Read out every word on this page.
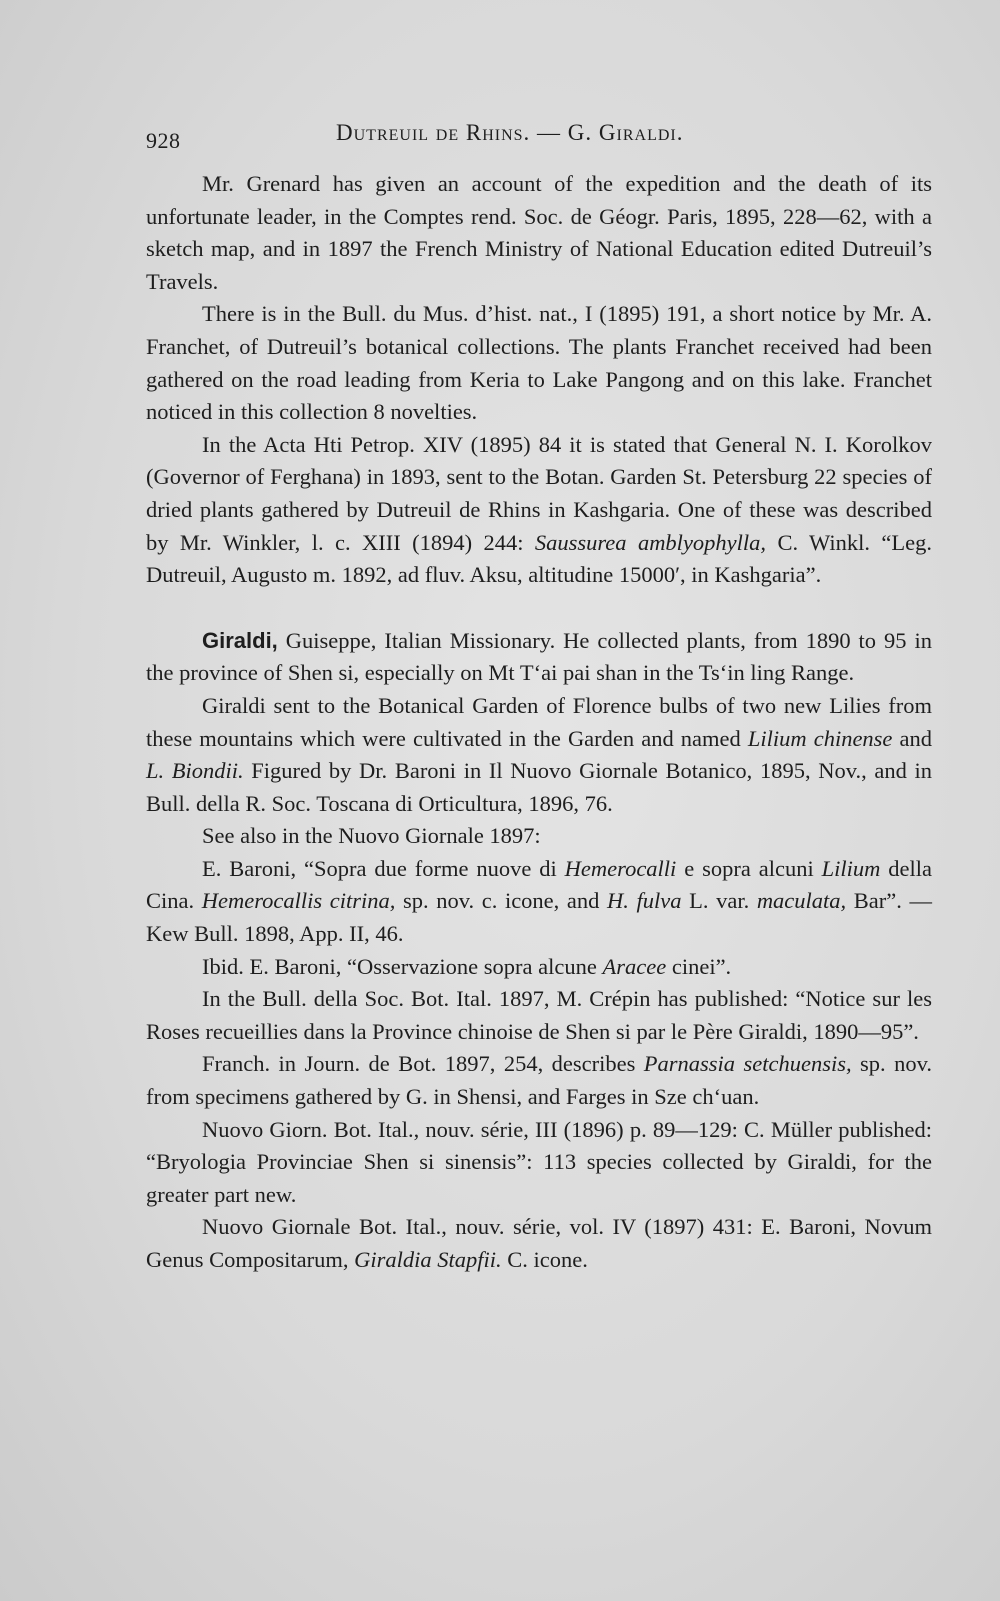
928	Dutreuil de Rhins. — G. Giraldi.

Mr. Grenard has given an account of the expedition and the death of its unfortunate leader, in the Comptes rend. Soc. de Géogr. Paris, 1895, 228—62, with a sketch map, and in 1897 the French Ministry of National Education edited Dutreuil’s Travels.

There is in the Bull. du Mus. d’hist. nat., I (1895) 191, a short notice by Mr. A. Franchet, of Dutreuil’s botanical collections. The plants Franchet received had been gathered on the road leading from Keria to Lake Pangong and on this lake. Franchet noticed in this collection 8 novelties.

In the Acta Hti Petrop. XIV (1895) 84 it is stated that General N. I. Korolkov (Governor of Ferghana) in 1893, sent to the Botan. Garden St. Petersburg 22 species of dried plants gathered by Dutreuil de Rhins in Kashgaria. One of these was described by Mr. Winkler, l. c. XIII (1894) 244: Saussurea amblyophylla, C. Winkl. “Leg. Dutreuil, Augusto m. 1892, ad fluv. Aksu, altitudine 15000′, in Kashgaria”.

Giraldi, Guiseppe, Italian Missionary. He collected plants, from 1890 to 95 in the province of Shen si, especially on Mt T‘ai pai shan in the Ts‘in ling Range.

Giraldi sent to the Botanical Garden of Florence bulbs of two new Lilies from these mountains which were cultivated in the Garden and named Lilium chinense and L. Biondii. Figured by Dr. Baroni in Il Nuovo Giornale Botanico, 1895, Nov., and in Bull. della R. Soc. Toscana di Orticultura, 1896, 76.

See also in the Nuovo Giornale 1897:

E. Baroni, “Sopra due forme nuove di Hemerocalli e sopra alcuni Lilium della Cina. Hemerocallis citrina, sp. nov. c. icone, and H. fulva L. var. maculata, Bar”. — Kew Bull. 1898, App. II, 46.

Ibid. E. Baroni, “Osservazione sopra alcune Aracee cinei”.

In the Bull. della Soc. Bot. Ital. 1897, M. Crépin has published: “Notice sur les Roses recueillies dans la Province chinoise de Shen si par le Père Giraldi, 1890—95”.

Franch. in Journ. de Bot. 1897, 254, describes Parnassia setchuensis, sp. nov. from specimens gathered by G. in Shensi, and Farges in Sze ch‘uan.

Nuovo Giorn. Bot. Ital., nouv. série, III (1896) p. 89—129: C. Müller published: “Bryologia Provinciae Shen si sinensis”: 113 species collected by Giraldi, for the greater part new.

Nuovo Giornale Bot. Ital., nouv. série, vol. IV (1897) 431: E. Baroni, Novum Genus Compositarum, Giraldia Stapfii. C. icone.
